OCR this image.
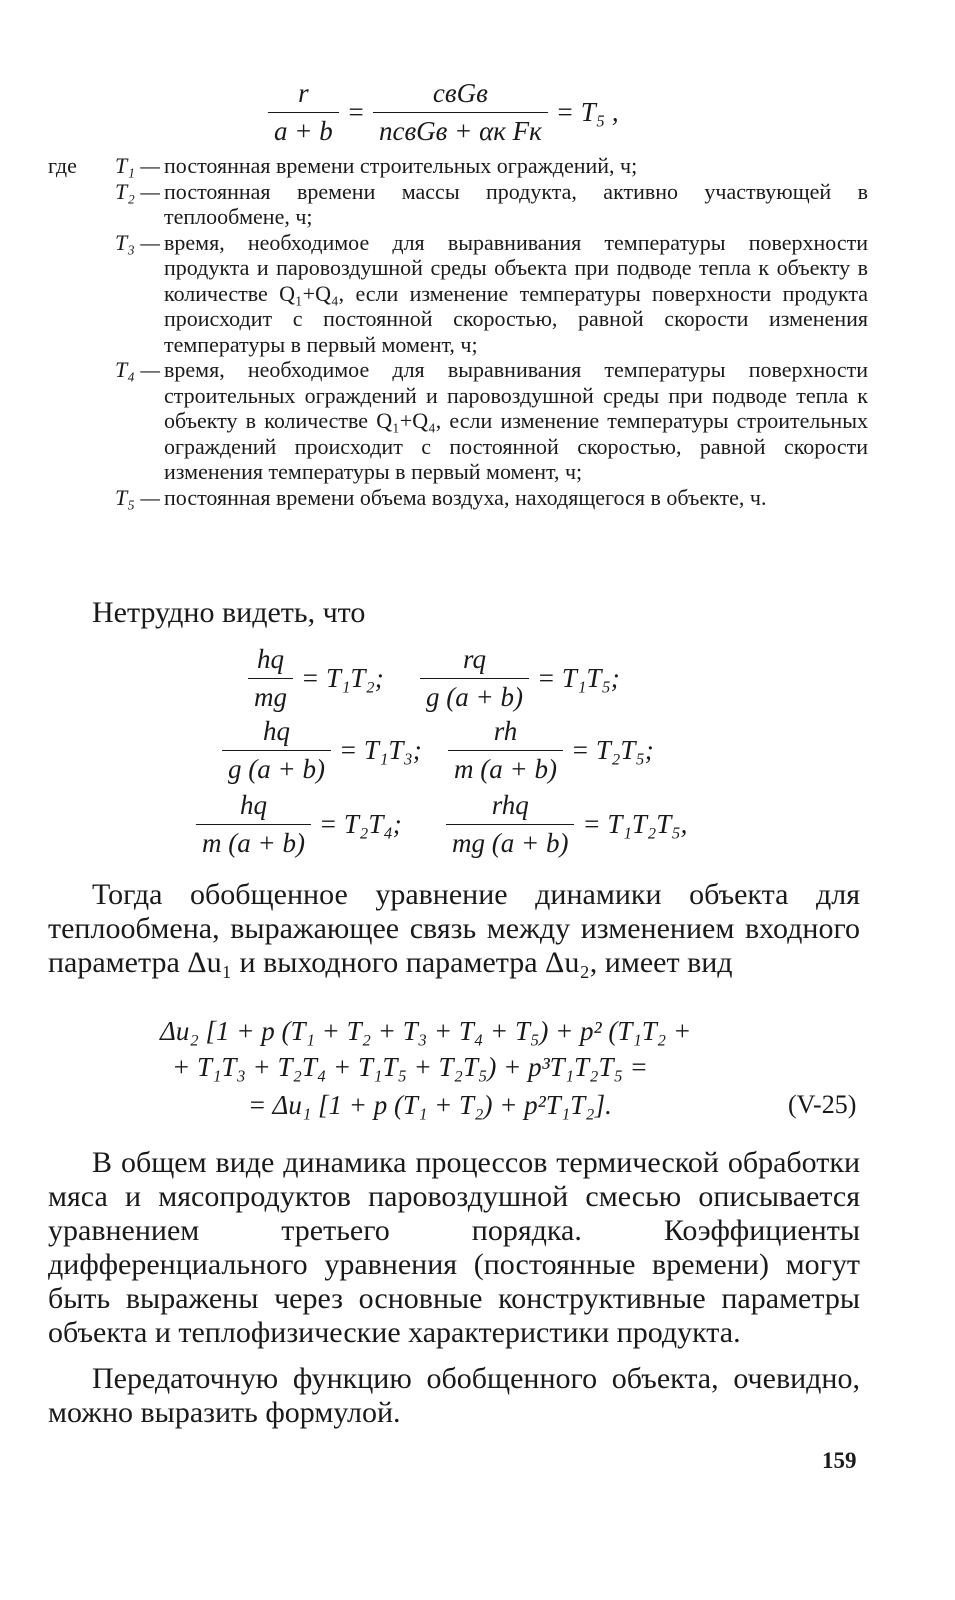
$\frac{r}{a + b} = \frac{\text{cвGв}}{\text{ncвGв + αк Fк}} = T_5$ ,
где T₁ — постоянная времени строительных ограждений, ч;
T₂ — постоянная времени массы продукта, активно участвующей в теплообмене, ч;
T₃ — время, необходимое для выравнивания температуры поверхности продукта и паровоздушной среды объекта при подводе тепла к объекту в количестве Q₁+Q₄, если изменение температуры поверхности продукта происходит с постоянной скоростью, равной скорости изменения температуры в первый момент, ч;
T₄ — время, необходимое для выравнивания температуры поверхности строительных ограждений и паровоздушной среды при подводе тепла к объекту в количестве Q₁+Q₄, если изменение температуры строительных ограждений происходит с постоянной скоростью, равной скорости изменения температуры в первый момент, ч;
T₅ — постоянная времени объема воздуха, находящегося в объекте, ч.
Нетрудно видеть, что
$\frac{hq}{mg} = T_1T_2$; $\frac{rq}{g (a + b)} = T_1T_5$;
$\frac{hq}{g (a + b)} = T_1T_3$; $\frac{rh}{m (a + b)} = T_2T_5$;
$\frac{hq}{m (a + b)} = T_2T_4$; $\frac{\text{rhq}}{mg (a + b)} = T_1T_2T_5$,
Тогда обобщенное уравнение динамики объекта для теплообмена, выражающее связь между изменением входного параметра Δu₁ и выходного параметра Δu₂, имеет вид
Δu₂ [1 + p (T₁ + T₂ + T₃ + T₄ + T₅) + p² (T₁T₂ +
+ T₁T₃ + T₂T₄ + T₁T₅ + T₂T₅) + p³T₁T₂T₅ =
= Δu₁ [1 + p (T₁ + T₂) + p²T₁T₂].	(V-25)
В общем виде динамика процессов термической обработки мяса и мясопродуктов паровоздушной смесью описывается уравнением третьего порядка. Коэффициенты дифференциального уравнения (постоянные времени) могут быть выражены через основные конструктивные параметры объекта и теплофизические характеристики продукта.
Передаточную функцию обобщенного объекта, очевидно, можно выразить формулой.
159
